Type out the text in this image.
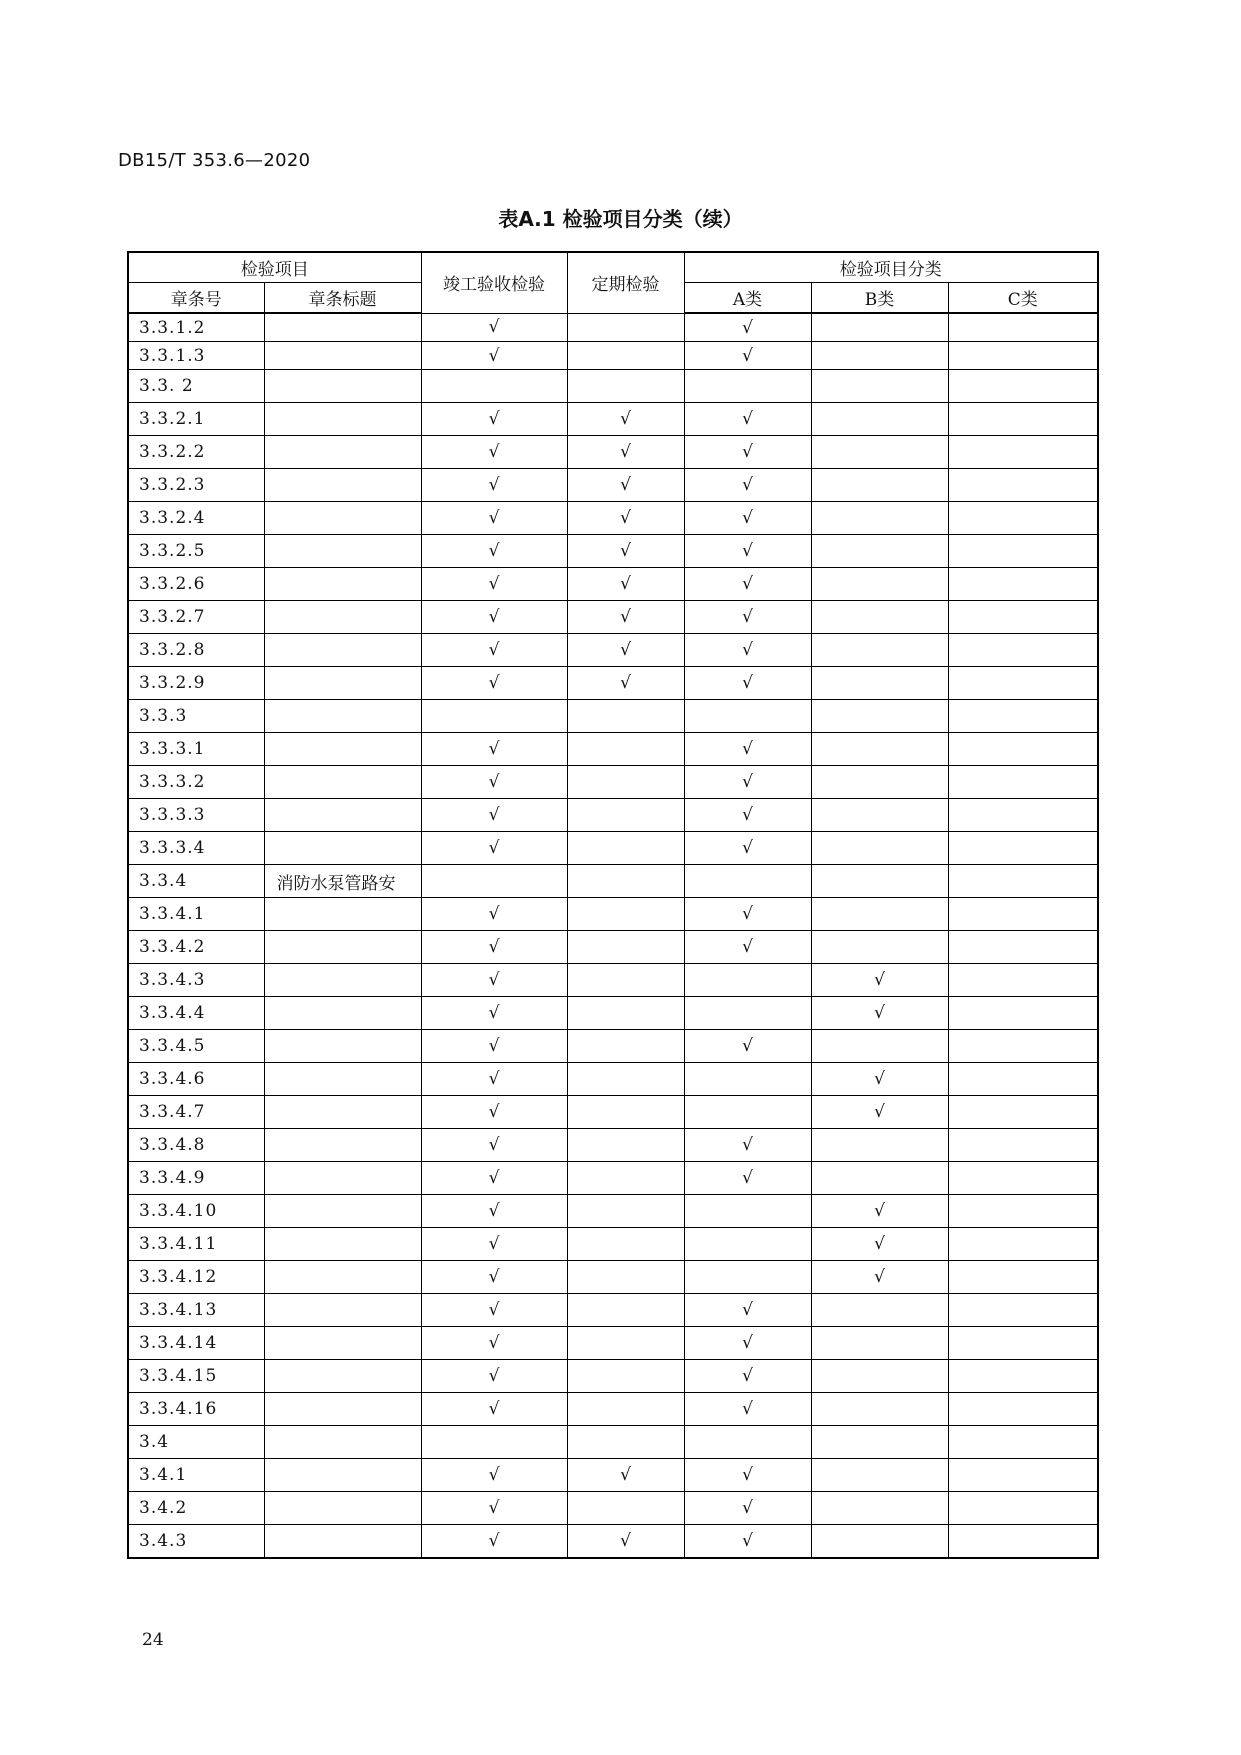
DB15/T 353.6—2020
表A.1 检验项目分类（续）
检验项目		竣工验收检验	定期检验	检验项目分类		
章条号	章条标题			A类	B类	C类
3.3.1.2		√		√		
3.3.1.3		√		√		
3.3. 2						
3.3.2.1		√	√	√		
3.3.2.2		√	√	√		
3.3.2.3		√	√	√		
3.3.2.4		√	√	√		
3.3.2.5		√	√	√		
3.3.2.6		√	√	√		
3.3.2.7		√	√	√		
3.3.2.8		√	√	√		
3.3.2.9		√	√	√		
3.3.3						
3.3.3.1		√		√		
3.3.3.2		√		√		
3.3.3.3		√		√		
3.3.3.4		√		√		
3.3.4	消防水泵管路安					
3.3.4.1		√		√		
3.3.4.2		√		√		
3.3.4.3		√			√	
3.3.4.4		√			√	
3.3.4.5		√		√		
3.3.4.6		√			√	
3.3.4.7		√			√	
3.3.4.8		√		√		
3.3.4.9		√		√		
3.3.4.10		√			√	
3.3.4.11		√			√	
3.3.4.12		√			√	
3.3.4.13		√		√		
3.3.4.14		√		√		
3.3.4.15		√		√		
3.3.4.16		√		√		
3.4						
3.4.1		√	√	√		
3.4.2		√		√		
3.4.3		√	√	√		
24
